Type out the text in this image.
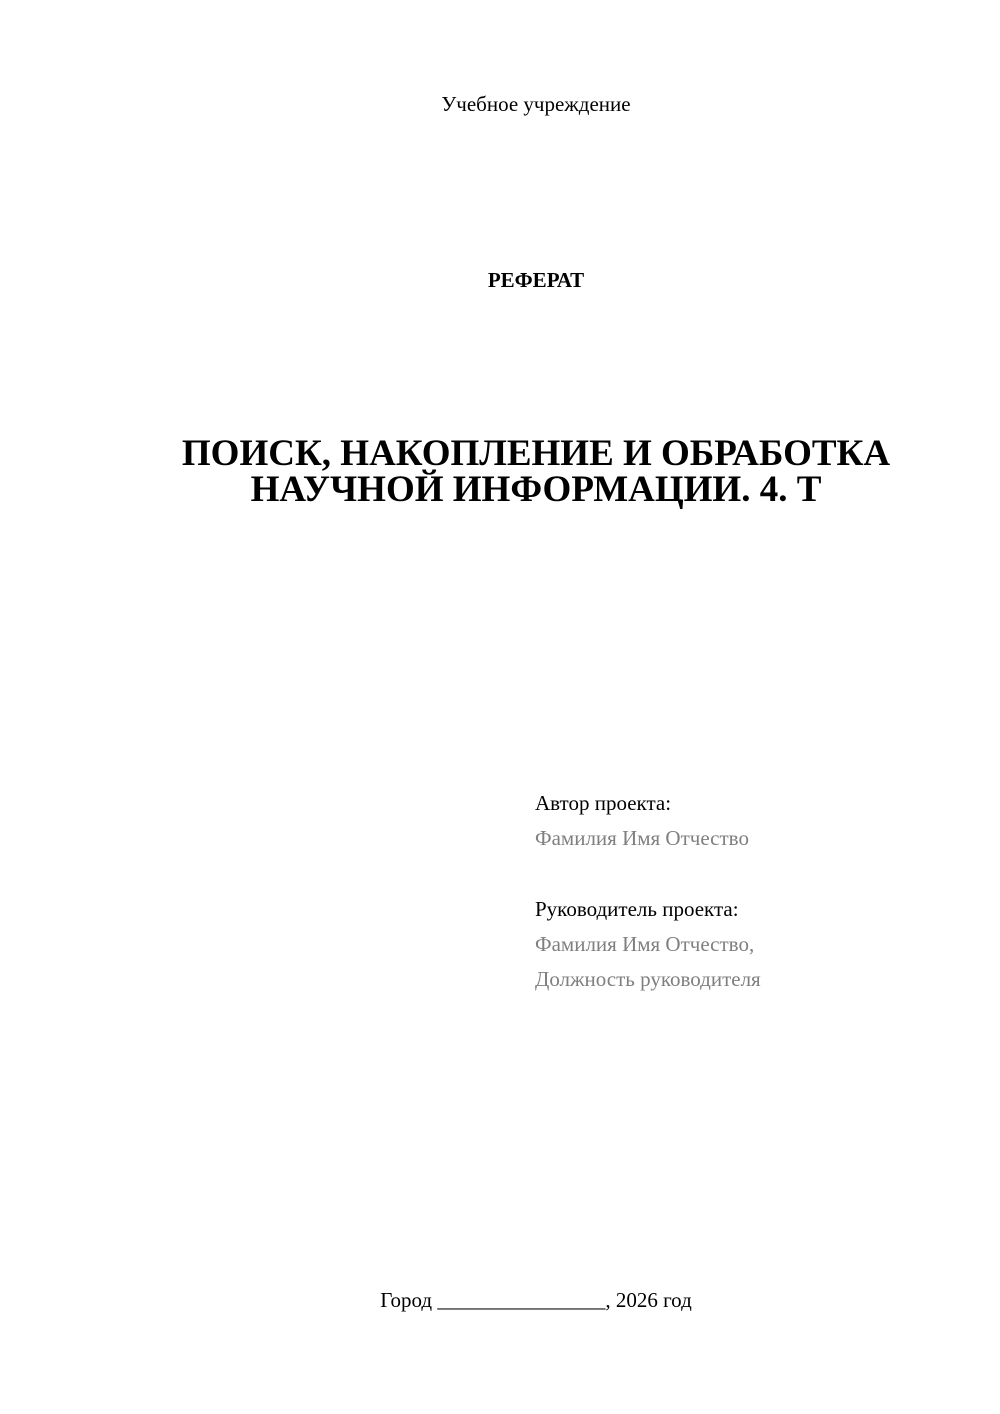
Учебное учреждение
РЕФЕРАТ
ПОИСК, НАКОПЛЕНИЕ И ОБРАБОТКА
НАУЧНОЙ ИНФОРМАЦИИ. 4. Т
Автор проекта:
Фамилия Имя Отчество
Руководитель проекта:
Фамилия Имя Отчество,
Должность руководителя
Город ________________, 2026 год
